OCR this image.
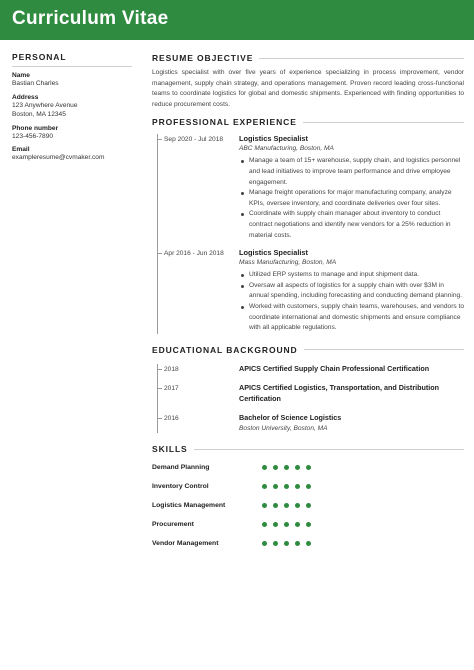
Curriculum Vitae
PERSONAL
Name
Bastian Charles
Address
123 Anywhere Avenue
Boston, MA 12345
Phone number
123-456-7890
Email
exampleresume@cvmaker.com
RESUME OBJECTIVE

Logistics specialist with over five years of experience specializing in process improvement, vendor management, supply chain strategy, and operations management. Proven record leading cross-functional teams to coordinate logistics for global and domestic shipments. Experienced with finding opportunities to reduce procurement costs.

PROFESSIONAL EXPERIENCE
Sep 2020 - Jul 2018	Logistics Specialist
ABC Manufacturing, Boston, MA
Manage a team of 15+ warehouse, supply chain, and logistics personnel and lead initiatives to improve team performance and drive employee engagement.
Manage freight operations for major manufacturing company, analyze KPIs, oversee inventory, and coordinate deliveries over four sites.
Coordinate with supply chain manager about inventory to conduct contract negotiations and identify new vendors for a 25% reduction in material costs.
Apr 2016 - Jun 2018	Logistics Specialist
Mass Manufacturing, Boston, MA
Utilized ERP systems to manage and input shipment data.
Oversaw all aspects of logistics for a supply chain with over $3M in annual spending, including forecasting and conducting demand planning.
Worked with customers, supply chain teams, warehouses, and vendors to coordinate international and domestic shipments and ensure compliance with all applicable regulations.
EDUCATIONAL BACKGROUND
2018	APICS Certified Supply Chain Professional Certification
2017	APICS Certified Logistics, Transportation, and Distribution Certification
2016	Bachelor of Science Logistics
Boston University, Boston, MA
SKILLS
Demand Planning
Inventory Control
Logistics Management
Procurement
Vendor Management
